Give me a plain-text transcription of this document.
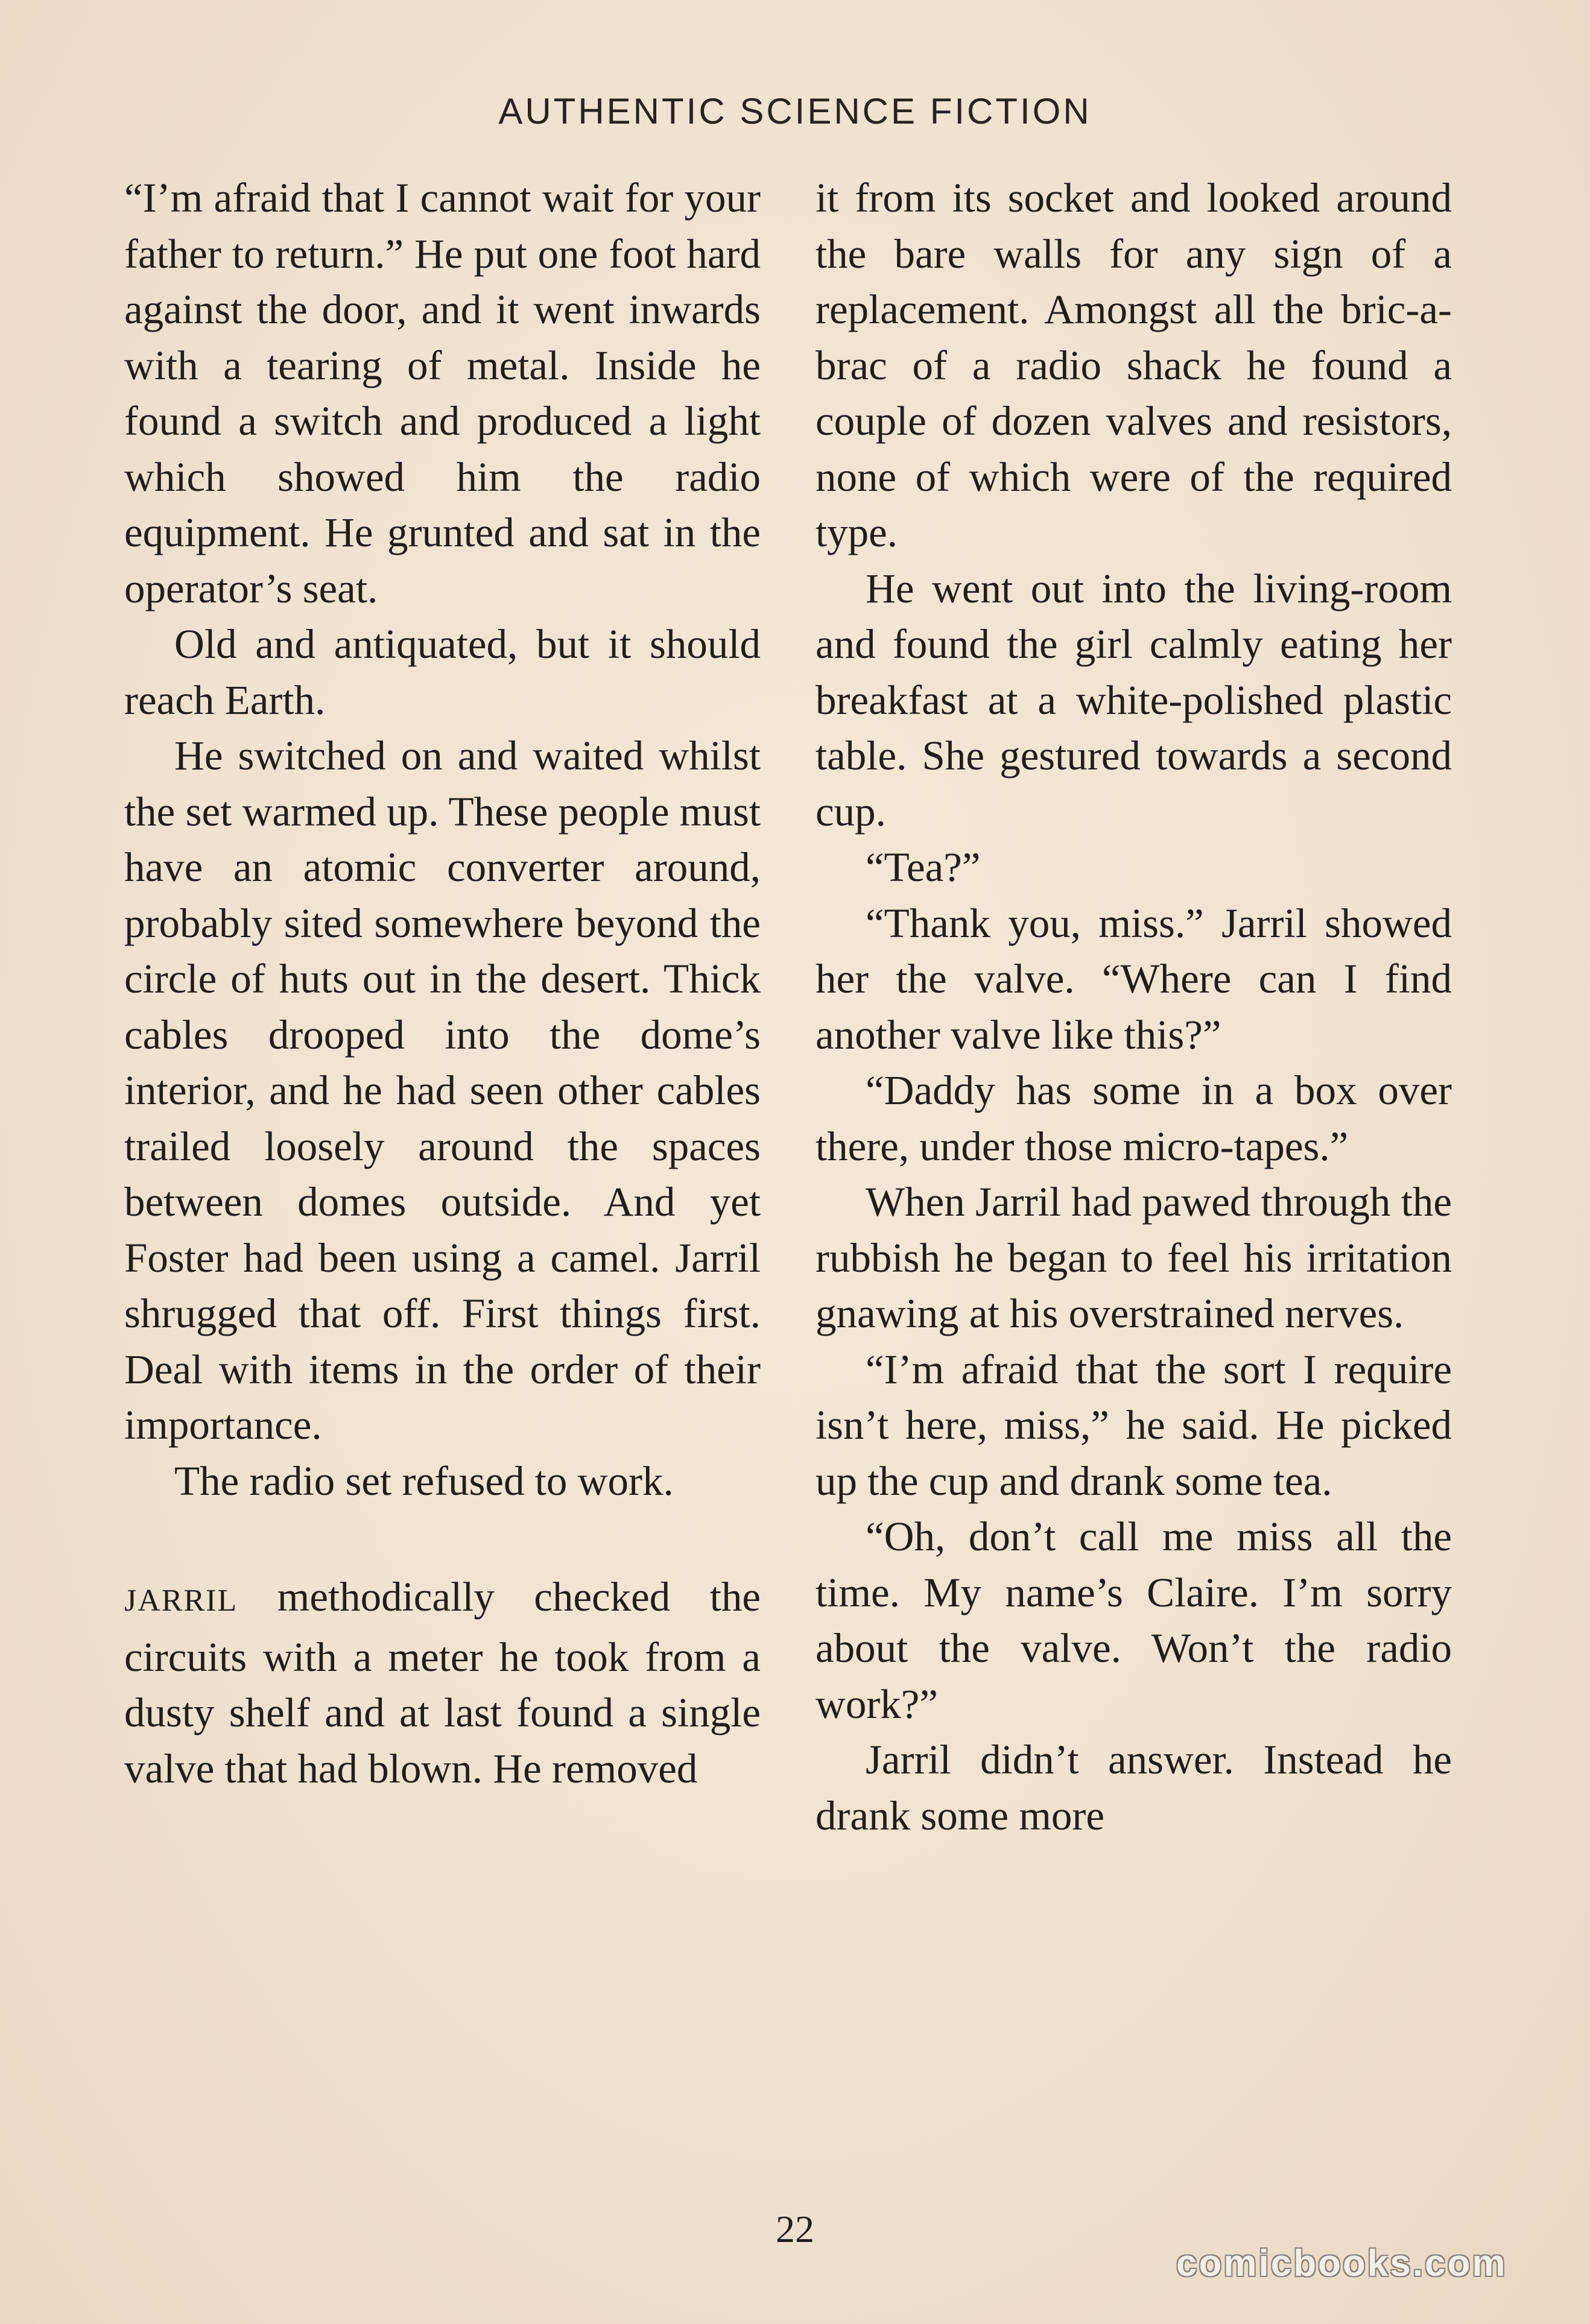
AUTHENTIC SCIENCE FICTION

“I’m afraid that I cannot wait for your father to return.” He put one foot hard against the door, and it went inwards with a tearing of metal. Inside he found a switch and produced a light which showed him the radio equipment. He grunted and sat in the operator’s seat.

Old and antiquated, but it should reach Earth.

He switched on and waited whilst the set warmed up. These people must have an atomic converter around, probably sited somewhere beyond the circle of huts out in the desert. Thick cables drooped into the dome’s interior, and he had seen other cables trailed loosely around the spaces between domes outside. And yet Foster had been using a camel. Jarril shrugged that off. First things first. Deal with items in the order of their importance.

The radio set refused to work.

JARRIL methodically checked the circuits with a meter he took from a dusty shelf and at last found a single valve that had blown. He removed

it from its socket and looked around the bare walls for any sign of a replacement. Amongst all the bric-a-brac of a radio shack he found a couple of dozen valves and resistors, none of which were of the required type.

He went out into the living-room and found the girl calmly eating her breakfast at a white-polished plastic table. She gestured towards a second cup.

“Tea?”

“Thank you, miss.” Jarril showed her the valve. “Where can I find another valve like this?”

“Daddy has some in a box over there, under those micro-tapes.”

When Jarril had pawed through the rubbish he began to feel his irritation gnawing at his overstrained nerves.

“I’m afraid that the sort I require isn’t here, miss,” he said. He picked up the cup and drank some tea.

“Oh, don’t call me miss all the time. My name’s Claire. I’m sorry about the valve. Won’t the radio work?”

Jarril didn’t answer. Instead he drank some more

22
comicbooks.com
